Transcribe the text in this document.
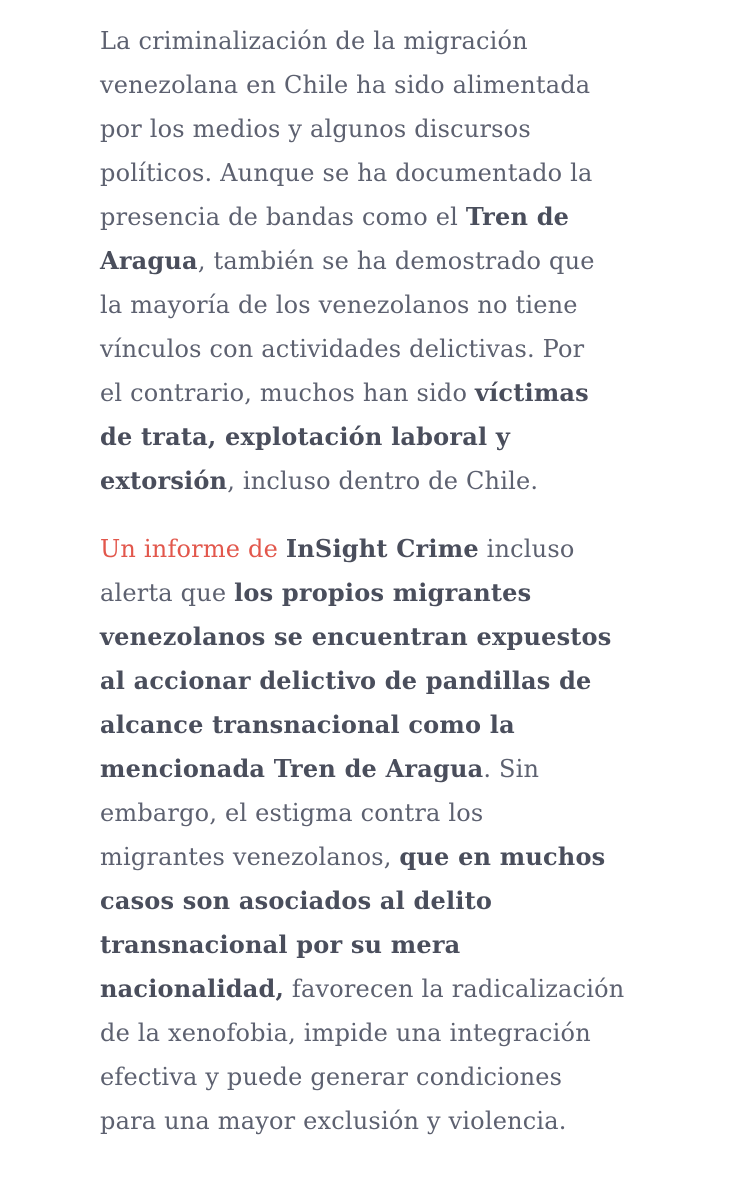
La criminalización de la migración
venezolana en Chile ha sido alimentada
por los medios y algunos discursos
políticos. Aunque se ha documentado la
presencia de bandas como el Tren de
Aragua, también se ha demostrado que
la mayoría de los venezolanos no tiene
vínculos con actividades delictivas. Por
el contrario, muchos han sido víctimas
de trata, explotación laboral y
extorsión, incluso dentro de Chile.

Un informe de InSight Crime incluso
alerta que los propios migrantes
venezolanos se encuentran expuestos
al accionar delictivo de pandillas de
alcance transnacional como la
mencionada Tren de Aragua. Sin
embargo, el estigma contra los
migrantes venezolanos, que en muchos
casos son asociados al delito
transnacional por su mera
nacionalidad, favorecen la radicalización
de la xenofobia, impide una integración
efectiva y puede generar condiciones
para una mayor exclusión y violencia.
